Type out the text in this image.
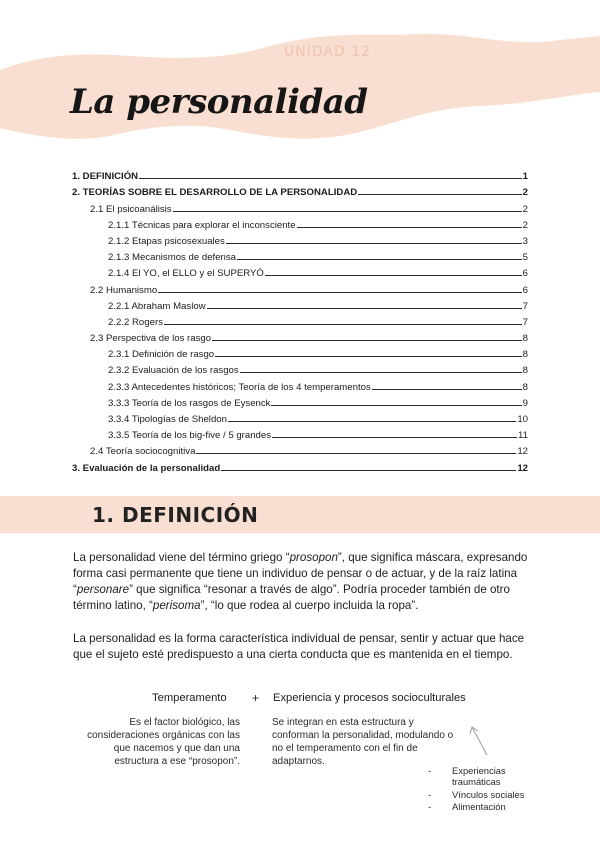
UNIDAD 12
La personalidad
1. DEFINICIÓN	1
2. TEORÍAS SOBRE EL DESARROLLO DE LA PERSONALIDAD	2
2.1 El psicoanálisis	2
2.1.1 Técnicas para explorar el inconsciente	2
2.1.2 Etapas psicosexuales	3
2.1.3 Mecanismos de defensa	5
2.1.4 El YO, el ELLO y el SUPERYÓ	6
2.2 Humanismo	6
2.2.1 Abraham Maslow	7
2.2.2 Rogers	7
2.3 Perspectiva de los rasgo	8
2.3.1 Definición de rasgo	8
2.3.2 Evaluación de los rasgos	8
2.3.3 Antecedentes históricos; Teoría de los 4 temperamentos	8
3.3.3 Teoría de los rasgos de Eysenck	9
3.3.4 Tipologías de Sheldon	10
3.3.5 Teoría de los big-five / 5 grandes	11
2.4 Teoría sociocognitiva	12
3. Evaluación de la personalidad	12
1. DEFINICIÓN

La personalidad viene del término griego “prosopon”, que significa máscara, expresando forma casi permanente que tiene un individuo de pensar o de actuar, y de la raíz latina “personare” que significa “resonar a través de algo”. Podría proceder también de otro término latino, “perisoma”, “lo que rodea al cuerpo incluida la ropa”.

La personalidad es la forma característica individual de pensar, sentir y actuar que hace que el sujeto esté predispuesto a una cierta conducta que es mantenida en el tiempo.
Temperamento + Experiencia y procesos socioculturales
Es el factor biológico, las consideraciones orgánicas con las que nacemos y que dan una estructura a ese “prosopon”.
Se integran en esta estructura y conforman la personalidad, modulando o no el temperamento con el fin de adaptarnos.
-	Experiencias traumáticas
-	Vínculos sociales
-	Alimentación
